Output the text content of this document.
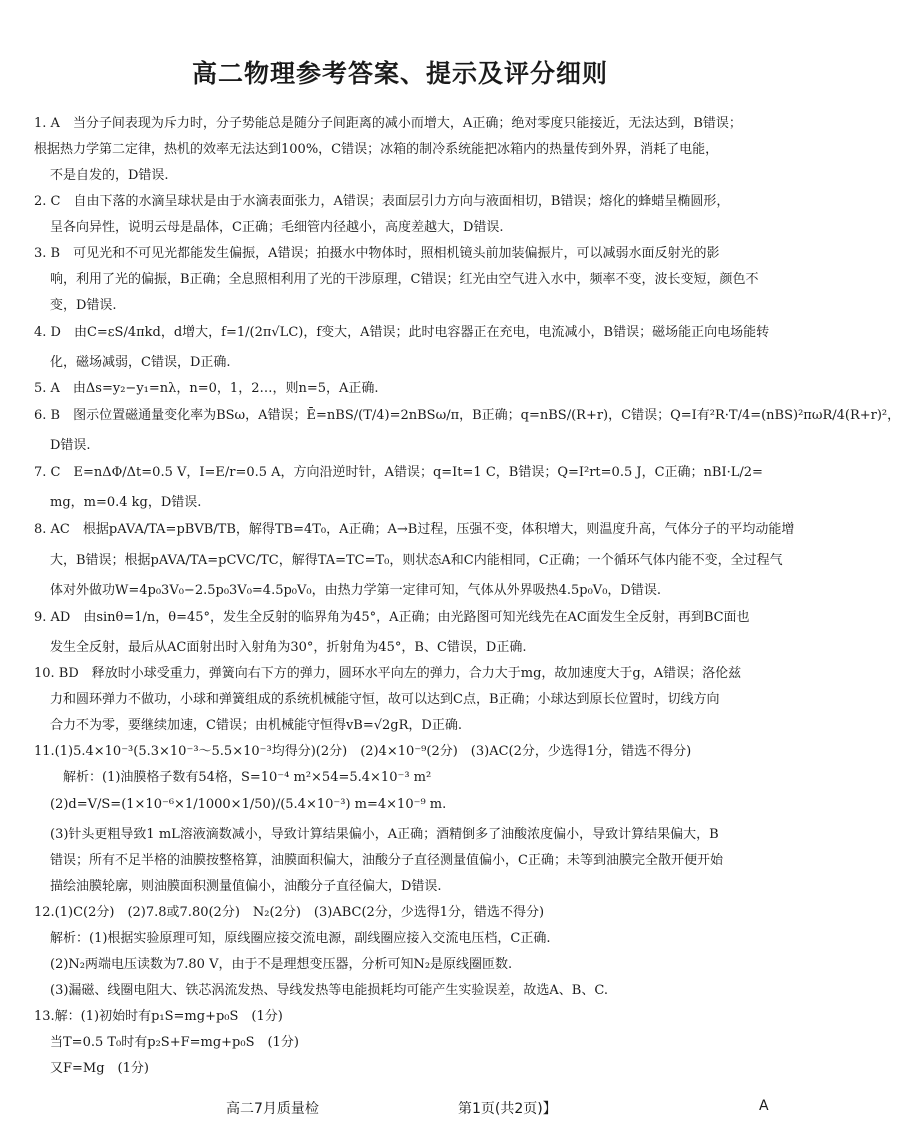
高二物理参考答案、提示及评分细则
1. A　当分子间表现为斥力时，分子势能总是随分子间距离的减小而增大，A正确；绝对零度只能接近，无法达到，B错误；
根据热力学第二定律，热机的效率无法达到100%，C错误；冰箱的制冷系统能把冰箱内的热量传到外界，消耗了电能，
不是自发的，D错误.
2. C　自由下落的水滴呈球状是由于水滴表面张力，A错误；表面层引力方向与液面相切，B错误；熔化的蜂蜡呈椭圆形，
呈各向异性，说明云母是晶体，C正确；毛细管内径越小，高度差越大，D错误.
3. B　可见光和不可见光都能发生偏振，A错误；拍摄水中物体时，照相机镜头前加装偏振片，可以减弱水面反射光的影
响，利用了光的偏振，B正确；全息照相利用了光的干涉原理，C错误；红光由空气进入水中，频率不变，波长变短，颜色不
变，D错误.
4. D　由C=εS/4πkd，d增大，f=1/(2π√LC)，f变大，A错误；此时电容器正在充电，电流减小，B错误；磁场能正向电场能转
化，磁场减弱，C错误，D正确.
5. A　由Δs=y₂−y₁=nλ，n=0，1，2…，则n=5，A正确.
6. B　图示位置磁通量变化率为BSω，A错误；Ē=nBS/(T/4)=2nBSω/π，B正确；q=nBS/(R+r)，C错误；Q=I有²R·T/4=(nBS)²πωR/4(R+r)²，
D错误.
7. C　E=nΔΦ/Δt=0.5 V，I=E/r=0.5 A，方向沿逆时针，A错误；q=It=1 C，B错误；Q=I²rt=0.5 J，C正确；nBI·L/2=
mg，m=0.4 kg，D错误.
8. AC　根据pAVA/TA=pBVB/TB，解得TB=4T₀，A正确；A→B过程，压强不变，体积增大，则温度升高，气体分子的平均动能增
大，B错误；根据pAVA/TA=pCVC/TC，解得TA=TC=T₀，则状态A和C内能相同，C正确；一个循环气体内能不变，全过程气
体对外做功W=4p₀3V₀−2.5p₀3V₀=4.5p₀V₀，由热力学第一定律可知，气体从外界吸热4.5p₀V₀，D错误.
9. AD　由sinθ=1/n，θ=45°，发生全反射的临界角为45°，A正确；由光路图可知光线先在AC面发生全反射，再到BC面也
发生全反射，最后从AC面射出时入射角为30°，折射角为45°，B、C错误，D正确.
10. BD　释放时小球受重力，弹簧向右下方的弹力，圆环水平向左的弹力，合力大于mg，故加速度大于g，A错误；洛伦兹
力和圆环弹力不做功，小球和弹簧组成的系统机械能守恒，故可以达到C点，B正确；小球达到原长位置时，切线方向
合力不为零，要继续加速，C错误；由机械能守恒得vB=√2gR，D正确.
11.(1)5.4×10⁻³(5.3×10⁻³～5.5×10⁻³均得分)(2分)　(2)4×10⁻⁹(2分)　(3)AC(2分，少选得1分，错选不得分)
　解析：(1)油膜格子数有54格，S=10⁻⁴ m²×54=5.4×10⁻³ m²
(2)d=V/S=(1×10⁻⁶×1/1000×1/50)/(5.4×10⁻³) m=4×10⁻⁹ m.
(3)针头更粗导致1 mL溶液滴数减小，导致计算结果偏小，A正确；酒精倒多了油酸浓度偏小，导致计算结果偏大，B
错误；所有不足半格的油膜按整格算，油膜面积偏大，油酸分子直径测量值偏小，C正确；未等到油膜完全散开便开始
描绘油膜轮廓，则油膜面积测量值偏小，油酸分子直径偏大，D错误.
12.(1)C(2分)　(2)7.8或7.80(2分)　N₂(2分)　(3)ABC(2分，少选得1分，错选不得分)
解析：(1)根据实验原理可知，原线圈应接交流电源，副线圈应接入交流电压档，C正确.
(2)N₂两端电压读数为7.80 V，由于不是理想变压器，分析可知N₂是原线圈匝数.
(3)漏磁、线圈电阻大、铁芯涡流发热、导线发热等电能损耗均可能产生实验误差，故选A、B、C.
13.解：(1)初始时有p₁S=mg+p₀S　(1分)
当T=0.5 T₀时有p₂S+F=mg+p₀S　(1分)
又F=Mg　(1分)
高二7月质量检	第1页(共2页)】	A
